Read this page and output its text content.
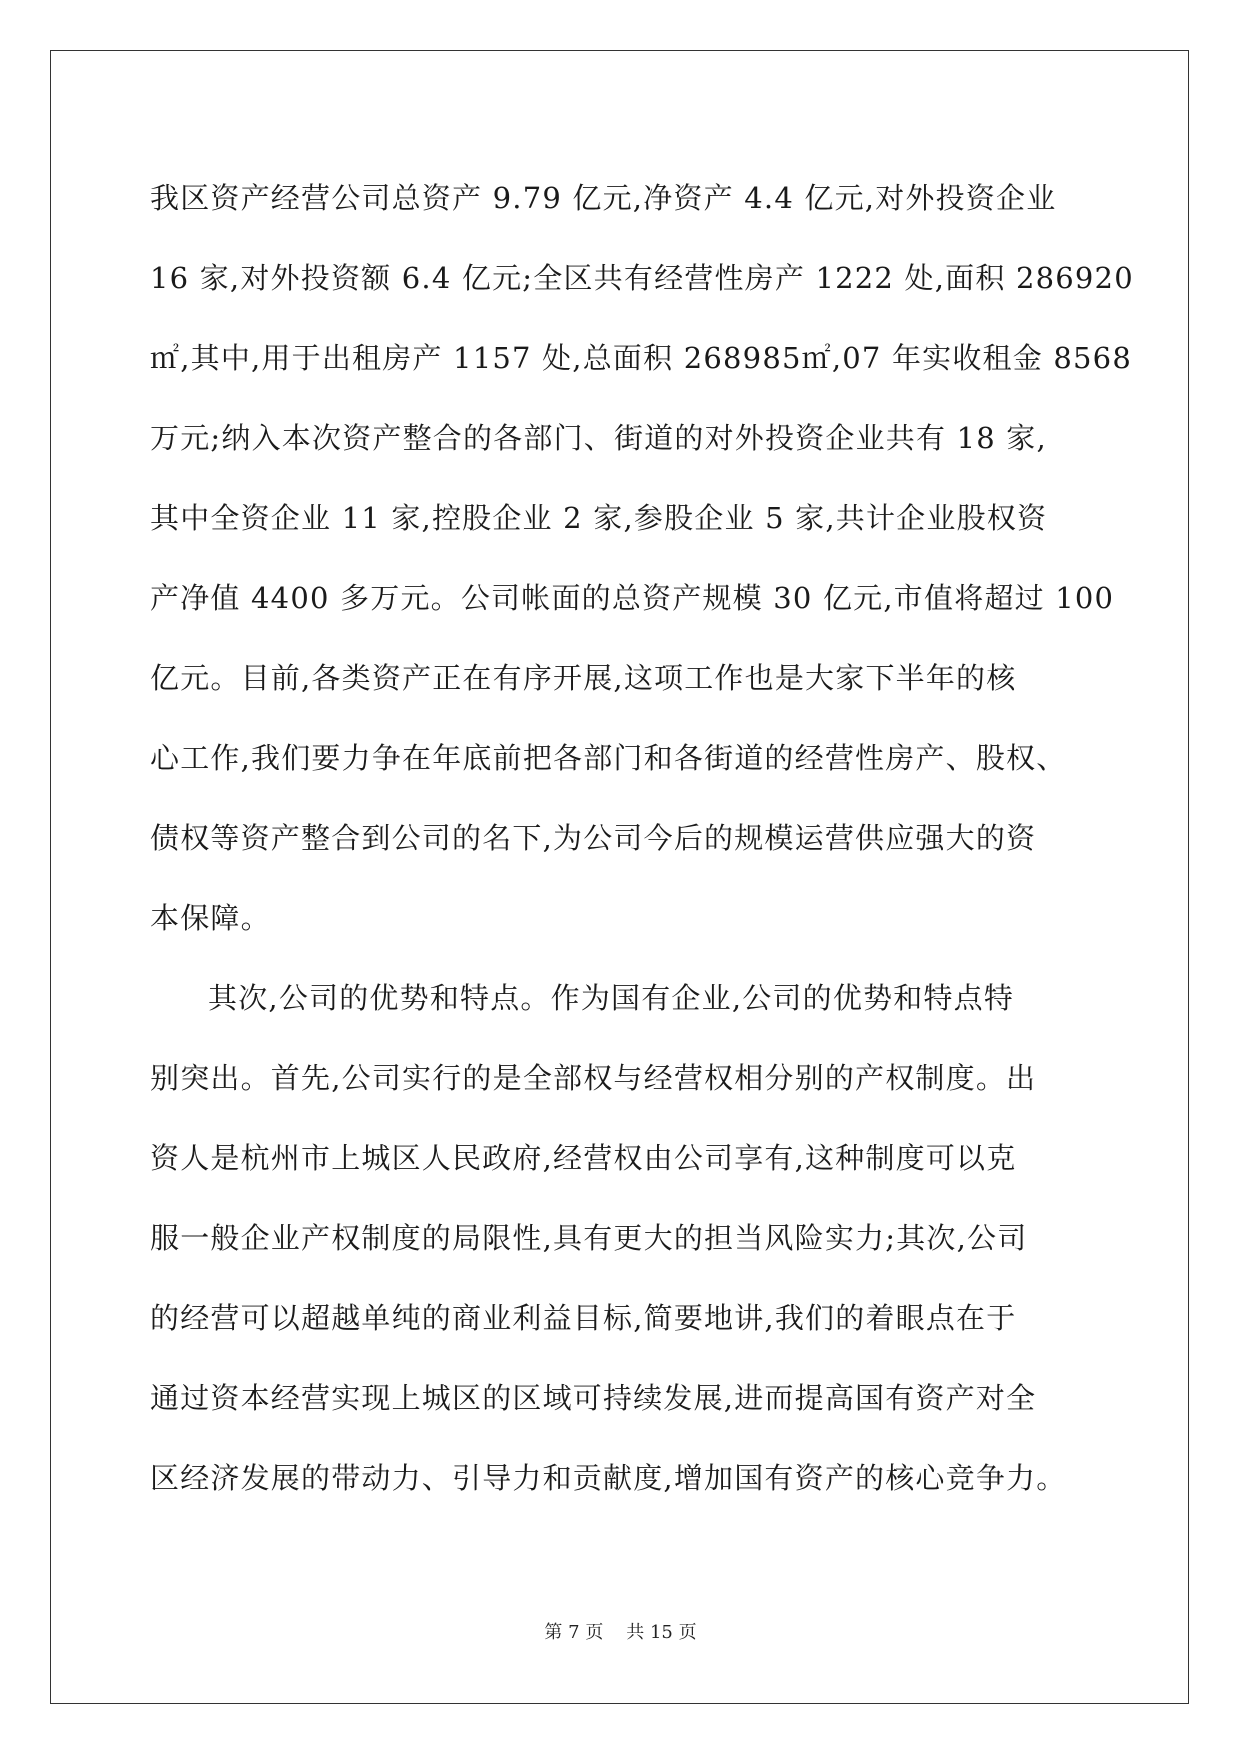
我区资产经营公司总资产 9.79 亿元,净资产 4.4 亿元,对外投资企业
16 家,对外投资额 6.4 亿元;全区共有经营性房产 1222 处,面积 286920
㎡,其中,用于出租房产 1157 处,总面积 268985㎡,07 年实收租金 8568
万元;纳入本次资产整合的各部门、街道的对外投资企业共有 18 家,
其中全资企业 11 家,控股企业 2 家,参股企业 5 家,共计企业股权资
产净值 4400 多万元。公司帐面的总资产规模 30 亿元,市值将超过 100
亿元。目前,各类资产正在有序开展,这项工作也是大家下半年的核
心工作,我们要力争在年底前把各部门和各街道的经营性房产、股权、
债权等资产整合到公司的名下,为公司今后的规模运营供应强大的资
本保障。
其次,公司的优势和特点。作为国有企业,公司的优势和特点特
别突出。首先,公司实行的是全部权与经营权相分别的产权制度。出
资人是杭州市上城区人民政府,经营权由公司享有,这种制度可以克
服一般企业产权制度的局限性,具有更大的担当风险实力;其次,公司
的经营可以超越单纯的商业利益目标,简要地讲,我们的着眼点在于
通过资本经营实现上城区的区域可持续发展,进而提高国有资产对全
区经济发展的带动力、引导力和贡献度,增加国有资产的核心竞争力。
第 7 页 共 15 页
